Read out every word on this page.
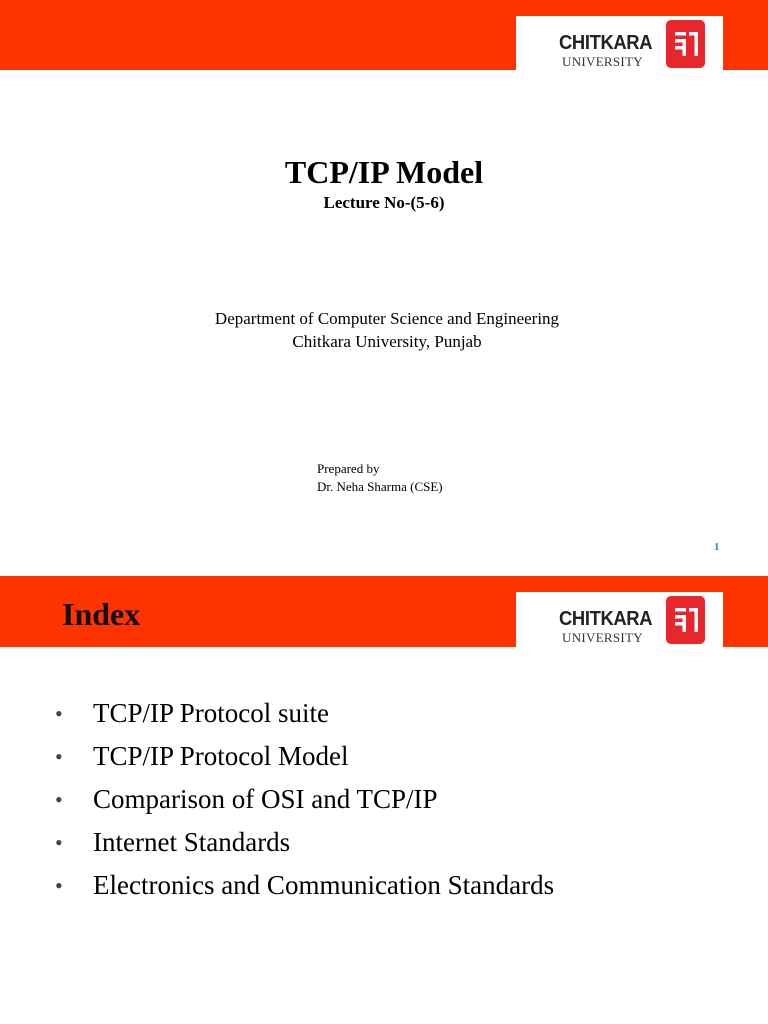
CHITKARA
UNIVERSITY
TCP/IP Model
Lecture No-(5-6)
Department of Computer Science and Engineering
Chitkara University, Punjab
Prepared by
Dr. Neha Sharma (CSE)
1
Index	CHITKARA
UNIVERSITY
• TCP/IP Protocol suite
• TCP/IP Protocol Model
• Comparison of OSI and TCP/IP
• Internet Standards
• Electronics and Communication Standards
